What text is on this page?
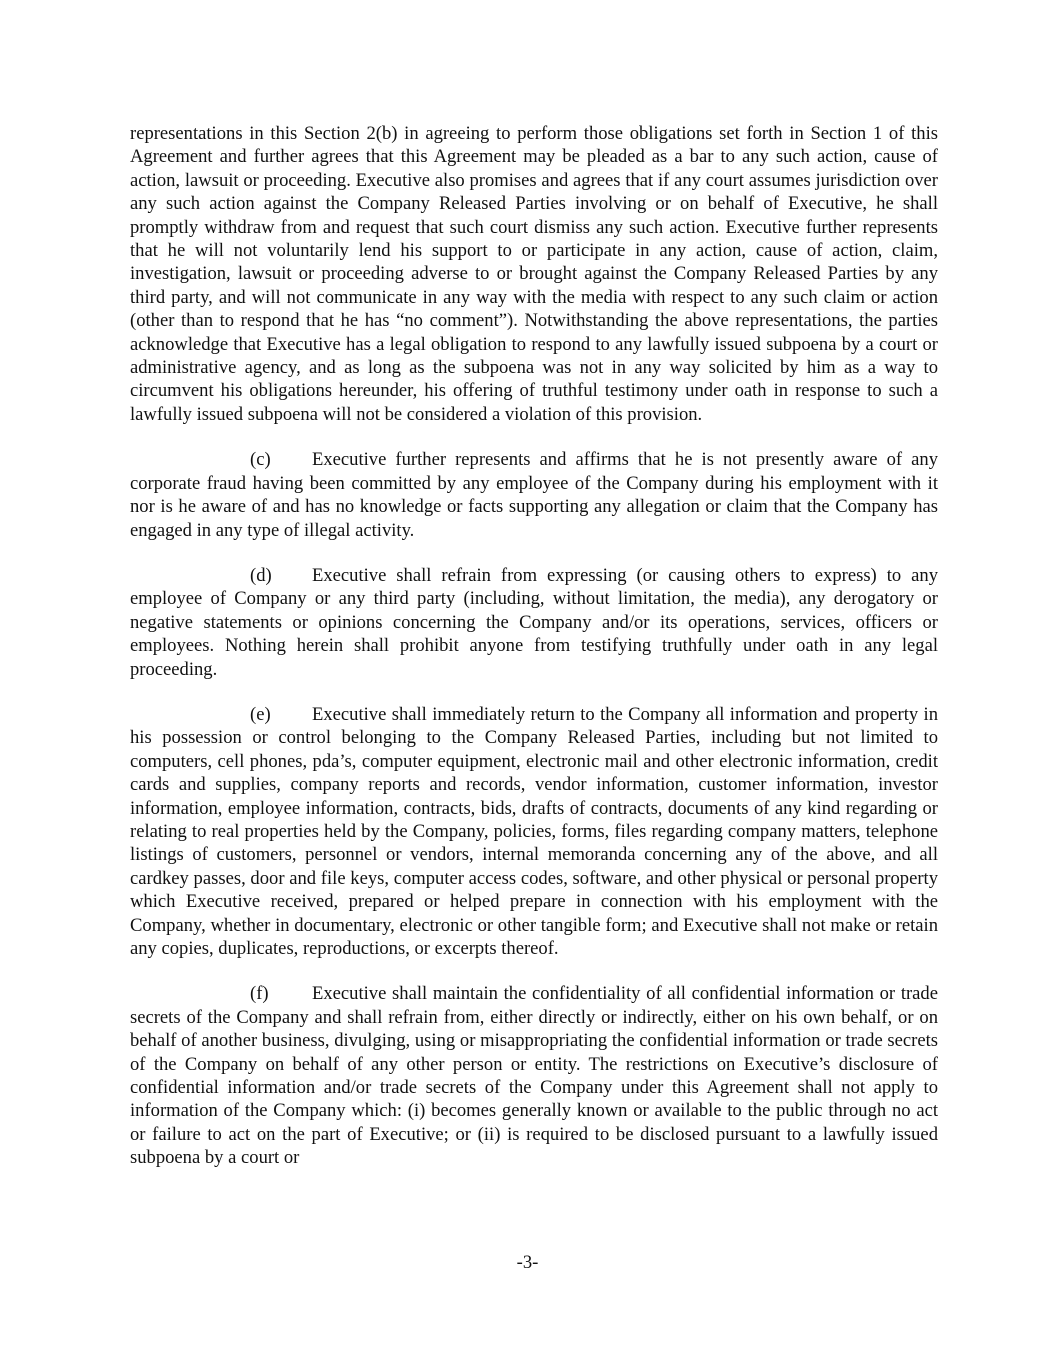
representations in this Section 2(b) in agreeing to perform those obligations set forth in Section 1 of this Agreement and further agrees that this Agreement may be pleaded as a bar to any such action, cause of action, lawsuit or proceeding. Executive also promises and agrees that if any court assumes jurisdiction over any such action against the Company Released Parties involving or on behalf of Executive, he shall promptly withdraw from and request that such court dismiss any such action. Executive further represents that he will not voluntarily lend his support to or participate in any action, cause of action, claim, investigation, lawsuit or proceeding adverse to or brought against the Company Released Parties by any third party, and will not communicate in any way with the media with respect to any such claim or action (other than to respond that he has “no comment”). Notwithstanding the above representations, the parties acknowledge that Executive has a legal obligation to respond to any lawfully issued subpoena by a court or administrative agency, and as long as the subpoena was not in any way solicited by him as a way to circumvent his obligations hereunder, his offering of truthful testimony under oath in response to such a lawfully issued subpoena will not be considered a violation of this provision.

(c) Executive further represents and affirms that he is not presently aware of any corporate fraud having been committed by any employee of the Company during his employment with it nor is he aware of and has no knowledge or facts supporting any allegation or claim that the Company has engaged in any type of illegal activity.

(d) Executive shall refrain from expressing (or causing others to express) to any employee of Company or any third party (including, without limitation, the media), any derogatory or negative statements or opinions concerning the Company and/or its operations, services, officers or employees. Nothing herein shall prohibit anyone from testifying truthfully under oath in any legal proceeding.

(e) Executive shall immediately return to the Company all information and property in his possession or control belonging to the Company Released Parties, including but not limited to computers, cell phones, pda’s, computer equipment, electronic mail and other electronic information, credit cards and supplies, company reports and records, vendor information, customer information, investor information, employee information, contracts, bids, drafts of contracts, documents of any kind regarding or relating to real properties held by the Company, policies, forms, files regarding company matters, telephone listings of customers, personnel or vendors, internal memoranda concerning any of the above, and all cardkey passes, door and file keys, computer access codes, software, and other physical or personal property which Executive received, prepared or helped prepare in connection with his employment with the Company, whether in documentary, electronic or other tangible form; and Executive shall not make or retain any copies, duplicates, reproductions, or excerpts thereof.

(f) Executive shall maintain the confidentiality of all confidential information or trade secrets of the Company and shall refrain from, either directly or indirectly, either on his own behalf, or on behalf of another business, divulging, using or misappropriating the confidential information or trade secrets of the Company on behalf of any other person or entity. The restrictions on Executive’s disclosure of confidential information and/or trade secrets of the Company under this Agreement shall not apply to information of the Company which: (i) becomes generally known or available to the public through no act or failure to act on the part of Executive; or (ii) is required to be disclosed pursuant to a lawfully issued subpoena by a court or

-3-
